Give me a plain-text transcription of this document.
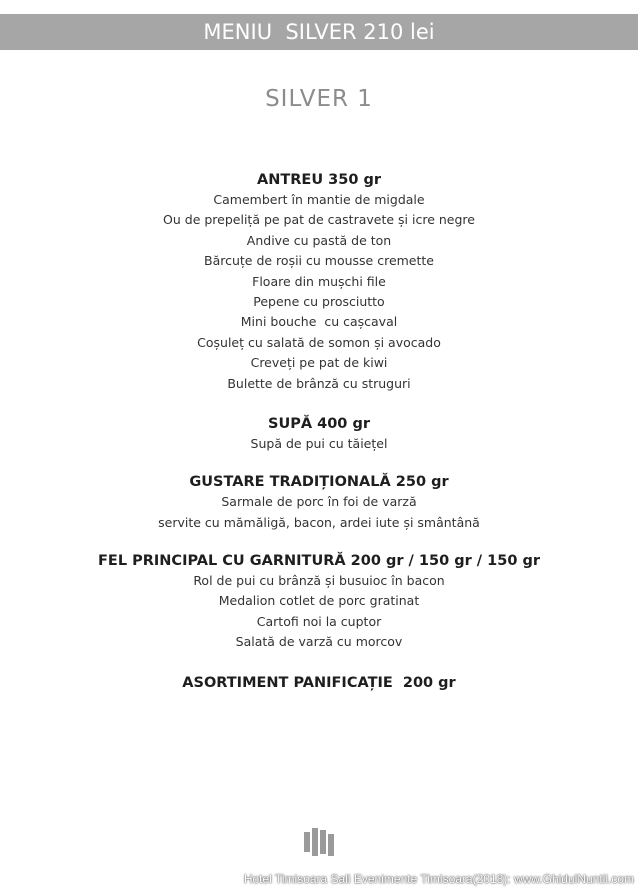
MENIU  SILVER 210 lei
SILVER 1
ANTREU 350 gr
Camembert în mantie de migdale
Ou de prepeliță pe pat de castravete și icre negre
Andive cu pastă de ton
Bărcuțe de roșii cu mousse cremette
Floare din mușchi file
Pepene cu prosciutto
Mini bouche  cu cașcaval
Coșuleț cu salată de somon și avocado
Creveți pe pat de kiwi
Bulette de brânză cu struguri
SUPĂ 400 gr
Supă de pui cu tăiețel
GUSTARE TRADIȚIONALĂ 250 gr
Sarmale de porc în foi de varză
servite cu mămăligă, bacon, ardei iute și smântână
FEL PRINCIPAL CU GARNITURĂ 200 gr / 150 gr / 150 gr
Rol de pui cu brânză și busuioc în bacon
Medalion cotlet de porc gratinat
Cartofi noi la cuptor
Salată de varză cu morcov
ASORTIMENT PANIFICAȚIE  200 gr
Hotel Timisoara Sali Evenimente Timisoara(2018): www.GhidulNuntii.com
